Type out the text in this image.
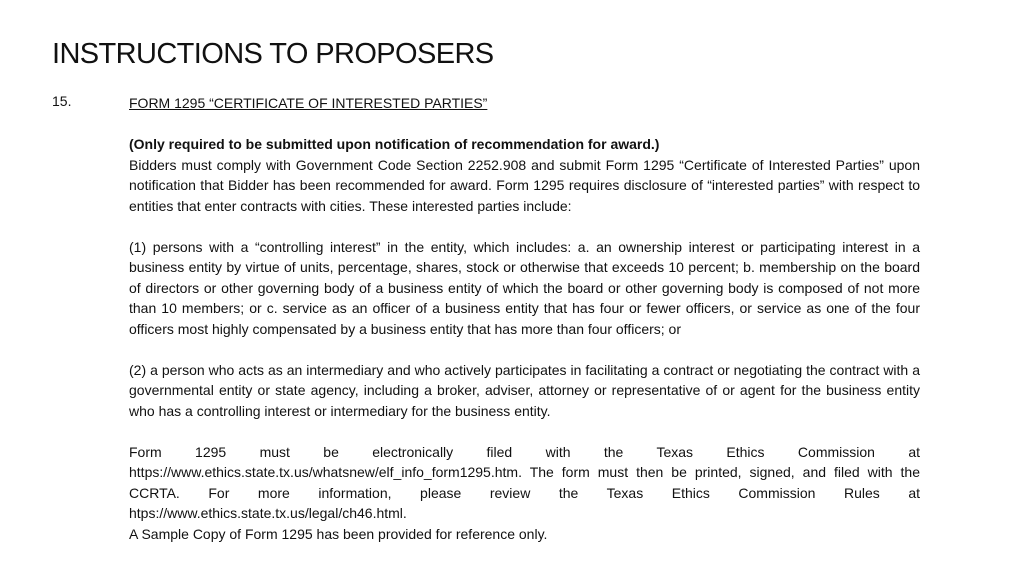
INSTRUCTIONS TO PROPOSERS
15.	FORM 1295 “CERTIFICATE OF INTERESTED PARTIES”

(Only required to be submitted upon notification of recommendation for award.)

Bidders must comply with Government Code Section 2252.908 and submit Form 1295 “Certificate of Interested Parties” upon notification that Bidder has been recommended for award. Form 1295 requires disclosure of “interested parties” with respect to entities that enter contracts with cities. These interested parties include:

(1) persons with a “controlling interest” in the entity, which includes: a. an ownership interest or participating interest in a business entity by virtue of units, percentage, shares, stock or otherwise that exceeds 10 percent; b. membership on the board of directors or other governing body of a business entity of which the board or other governing body is composed of not more than 10 members; or c. service as an officer of a business entity that has four or fewer officers, or service as one of the four officers most highly compensated by a business entity that has more than four officers; or

(2) a person who acts as an intermediary and who actively participates in facilitating a contract or negotiating the contract with a governmental entity or state agency, including a broker, adviser, attorney or representative of or agent for the business entity who has a controlling interest or intermediary for the business entity.

Form 1295 must be electronically filed with the Texas Ethics Commission at https://www.ethics.state.tx.us/whatsnew/elf_info_form1295.htm. The form must then be printed, signed, and filed with the CCRTA. For more information, please review the Texas Ethics Commission Rules at htps://www.ethics.state.tx.us/legal/ch46.html.

A Sample Copy of Form 1295 has been provided for reference only.
